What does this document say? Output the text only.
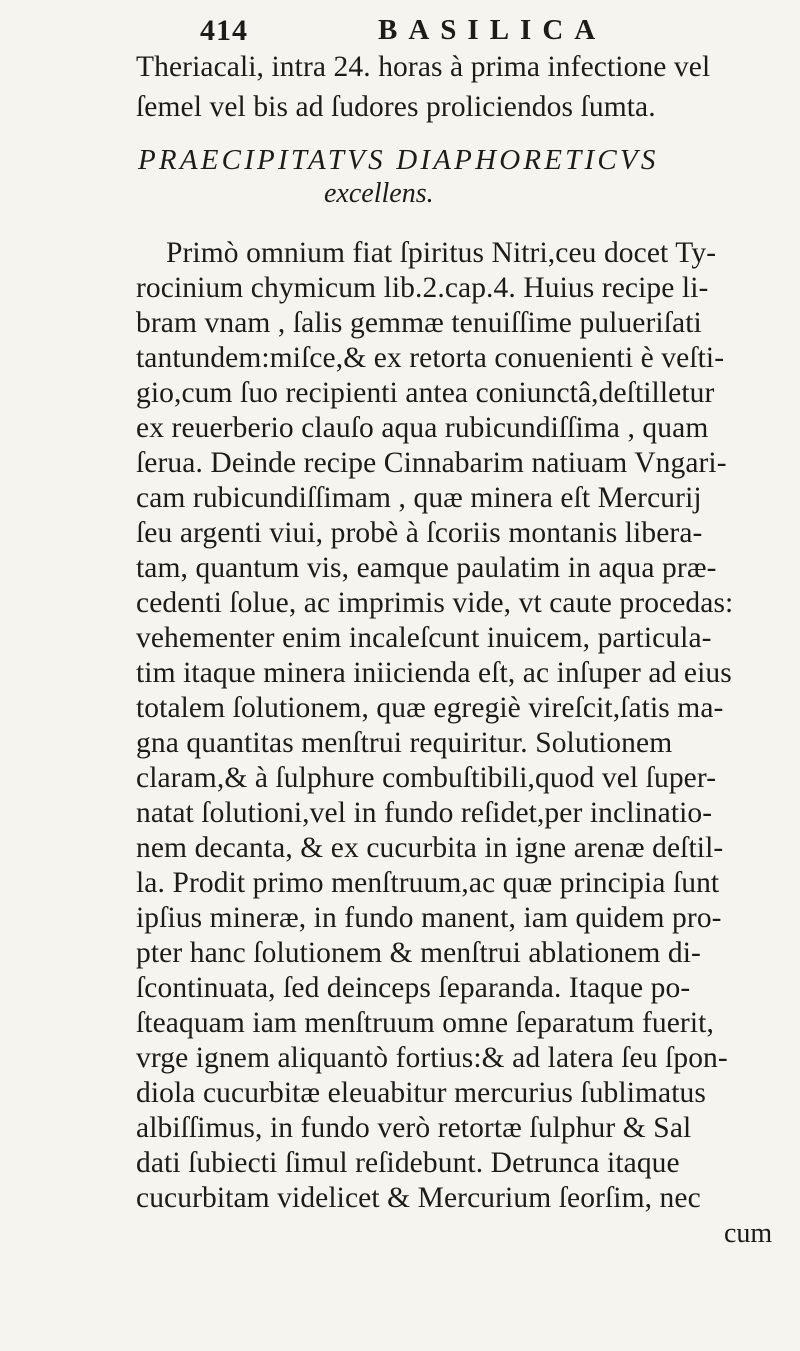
414	BASILICA
Theriacali, intra 24. horas à prima infectione vel
ſemel vel bis ad ſudores proliciendos ſumta.
PRAECIPITATVS DIAPHORETICVS
excellens.
Primò omnium fiat ſpiritus Nitri,ceu docet Ty-
rocinium chymicum lib.2.cap.4. Huius recipe li-
bram vnam , ſalis gemmæ tenuiſſime pulueriſati
tantundem:miſce,& ex retorta conuenienti è veſti-
gio,cum ſuo recipienti antea coniunctâ,deſtilletur
ex reuerberio clauſo aqua rubicundiſſima , quam
ſerua. Deinde recipe Cinnabarim natiuam Vngari-
cam rubicundiſſimam , quæ minera eſt Mercurij
ſeu argenti viui, probè à ſcoriis montanis libera-
tam, quantum vis, eamque paulatim in aqua præ-
cedenti ſolue, ac imprimis vide, vt caute procedas:
vehementer enim incaleſcunt inuicem, particula-
tim itaque minera iniicienda eſt, ac inſuper ad eius
totalem ſolutionem, quæ egregiè vireſcit,ſatis ma-
gna quantitas menſtrui requiritur. Solutionem
claram,& à ſulphure combuſtibili,quod vel ſuper-
natat ſolutioni,vel in fundo reſidet,per inclinatio-
nem decanta, & ex cucurbita in igne arenæ deſtil-
la. Prodit primo menſtruum,ac quæ principia ſunt
ipſius mineræ, in fundo manent, iam quidem pro-
pter hanc ſolutionem & menſtrui ablationem di-
ſcontinuata, ſed deinceps ſeparanda. Itaque po-
ſteaquam iam menſtruum omne ſeparatum fuerit,
vrge ignem aliquantò fortius:& ad latera ſeu ſpon-
diola cucurbitæ eleuabitur mercurius ſublimatus
albiſſimus, in fundo verò retortæ ſulphur & Sal
dati ſubiecti ſimul reſidebunt. Detrunca itaque
cucurbitam videlicet & Mercurium ſeorſim, nec
cum
